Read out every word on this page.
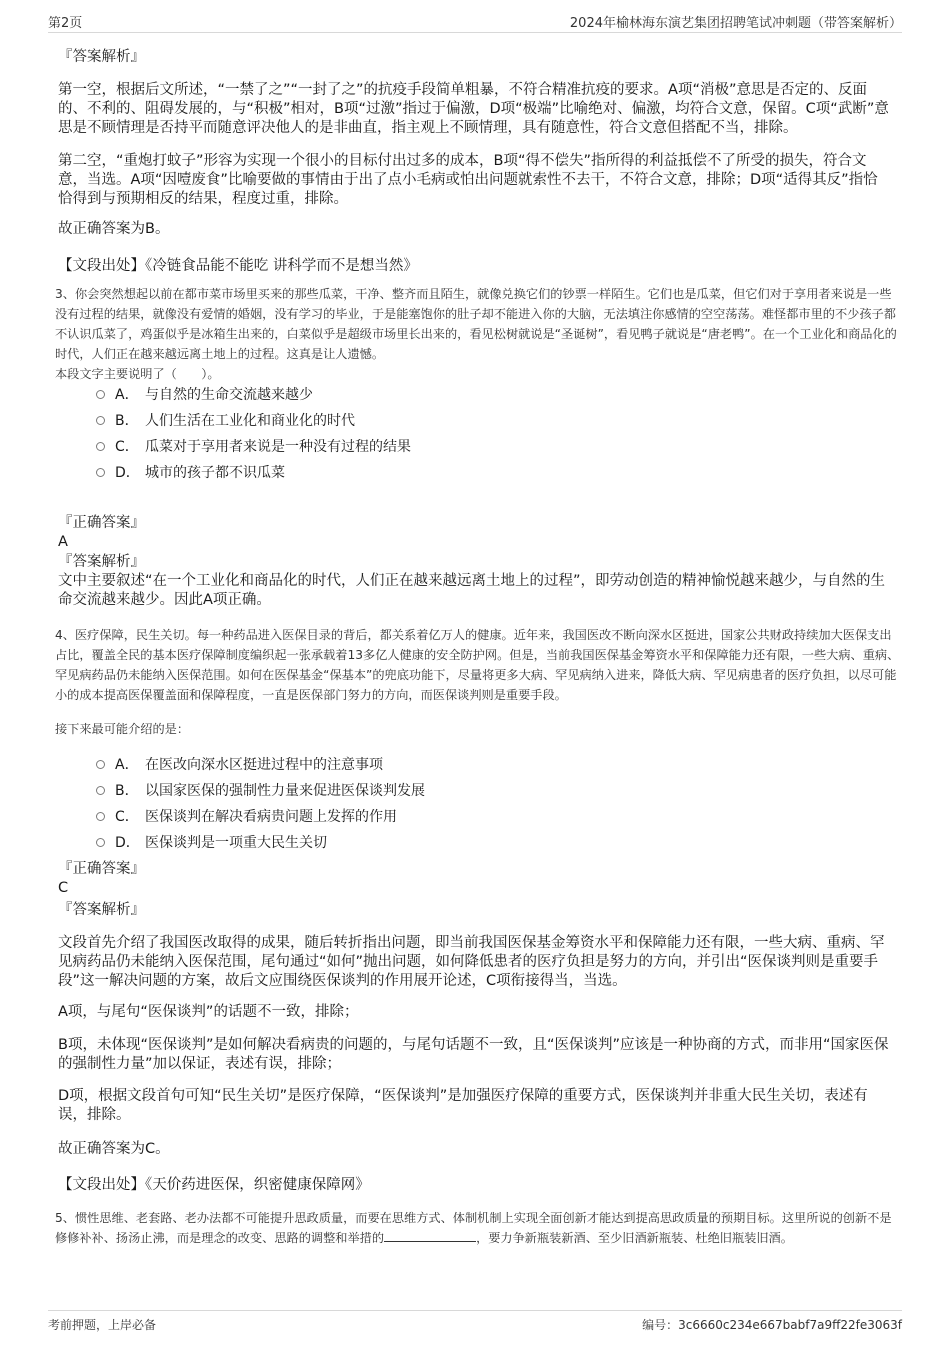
第2页	2024年榆林海东演艺集团招聘笔试冲刺题（带答案解析）
『答案解析』
第一空，根据后文所述，“一禁了之”“一封了之”的抗疫手段简单粗暴，不符合精准抗疫的要求。A项“消极”意思是否定的、反面的、不利的、阻碍发展的，与“积极”相对，B项“过激”指过于偏激，D项“极端”比喻绝对、偏激，均符合文意，保留。C项“武断”意思是不顾情理是否持平而随意评决他人的是非曲直，指主观上不顾情理，具有随意性，符合文意但搭配不当，排除。
第二空，“重炮打蚊子”形容为实现一个很小的目标付出过多的成本，B项“得不偿失”指所得的利益抵偿不了所受的损失，符合文意，当选。A项“因噎废食”比喻要做的事情由于出了点小毛病或怕出问题就索性不去干，不符合文意，排除；D项“适得其反”指恰恰得到与预期相反的结果，程度过重，排除。
故正确答案为B。
【文段出处】《冷链食品能不能吃 讲科学而不是想当然》
3、你会突然想起以前在都市菜市场里买来的那些瓜菜，干净、整齐而且陌生，就像兑换它们的钞票一样陌生。它们也是瓜菜，但它们对于享用者来说是一些没有过程的结果，就像没有爱情的婚姻，没有学习的毕业，于是能塞饱你的肚子却不能进入你的大脑，无法填注你感情的空空荡荡。难怪都市里的不少孩子都不认识瓜菜了，鸡蛋似乎是冰箱生出来的，白菜似乎是超级市场里长出来的，看见松树就说是“圣诞树”，看见鸭子就说是“唐老鸭”。在一个工业化和商品化的时代，人们正在越来越远离土地上的过程。这真是让人遗憾。
本段文字主要说明了（　　）。
A． 与自然的生命交流越来越少
B． 人们生活在工业化和商业化的时代
C． 瓜菜对于享用者来说是一种没有过程的结果
D． 城市的孩子都不识瓜菜
『正确答案』
A
『答案解析』
文中主要叙述“在一个工业化和商品化的时代，人们正在越来越远离土地上的过程”，即劳动创造的精神愉悦越来越少，与自然的生命交流越来越少。因此A项正确。
4、医疗保障，民生关切。每一种药品进入医保目录的背后，都关系着亿万人的健康。近年来，我国医改不断向深水区挺进，国家公共财政持续加大医保支出占比，覆盖全民的基本医疗保障制度编织起一张承载着13多亿人健康的安全防护网。但是，当前我国医保基金筹资水平和保障能力还有限，一些大病、重病、罕见病药品仍未能纳入医保范围。如何在医保基金“保基本”的兜底功能下，尽量将更多大病、罕见病纳入进来，降低大病、罕见病患者的医疗负担，以尽可能小的成本提高医保覆盖面和保障程度，一直是医保部门努力的方向，而医保谈判则是重要手段。
接下来最可能介绍的是：
A． 在医改向深水区挺进过程中的注意事项
B． 以国家医保的强制性力量来促进医保谈判发展
C． 医保谈判在解决看病贵问题上发挥的作用
D． 医保谈判是一项重大民生关切
『正确答案』
C
『答案解析』
文段首先介绍了我国医改取得的成果，随后转折指出问题，即当前我国医保基金筹资水平和保障能力还有限，一些大病、重病、罕见病药品仍未能纳入医保范围，尾句通过“如何”抛出问题，如何降低患者的医疗负担是努力的方向，并引出“医保谈判则是重要手段”这一解决问题的方案，故后文应围绕医保谈判的作用展开论述，C项衔接得当，当选。
A项，与尾句“医保谈判”的话题不一致，排除；
B项，未体现“医保谈判”是如何解决看病贵的问题的，与尾句话题不一致，且“医保谈判”应该是一种协商的方式，而非用“国家医保的强制性力量”加以保证，表述有误，排除；
D项，根据文段首句可知“民生关切”是医疗保障，“医保谈判”是加强医疗保障的重要方式，医保谈判并非重大民生关切，表述有误，排除。
故正确答案为C。
【文段出处】《天价药进医保，织密健康保障网》
5、惯性思维、老套路、老办法都不可能提升思政质量，而要在思维方式、体制机制上实现全面创新才能达到提高思政质量的预期目标。这里所说的创新不是修修补补、扬汤止沸，而是理念的改变、思路的调整和举措的	，要力争新瓶装新酒、至少旧酒新瓶装、杜绝旧瓶装旧酒。
考前押题，上岸必备	编号：3c6660c234e667babf7a9ff22fe3063f
